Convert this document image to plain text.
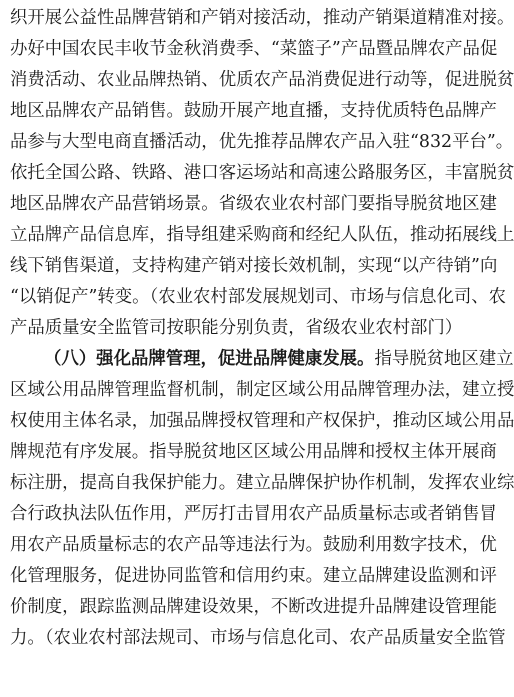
织开展公益性品牌营销和产销对接活动，推动产销渠道精准对接。
办好中国农民丰收节金秋消费季、“菜篮子”产品暨品牌农产品促
消费活动、农业品牌热销、优质农产品消费促进行动等，促进脱贫
地区品牌农产品销售。鼓励开展产地直播，支持优质特色品牌产
品参与大型电商直播活动，优先推荐品牌农产品入驻“832平台”。
依托全国公路、铁路、港口客运场站和高速公路服务区，丰富脱贫
地区品牌农产品营销场景。省级农业农村部门要指导脱贫地区建
立品牌产品信息库，指导组建采购商和经纪人队伍，推动拓展线上
线下销售渠道，支持构建产销对接长效机制，实现“以产待销”向
“以销促产”转变。（农业农村部发展规划司、市场与信息化司、农
产品质量安全监管司按职能分别负责，省级农业农村部门）
（八）强化品牌管理，促进品牌健康发展。指导脱贫地区建立
区域公用品牌管理监督机制，制定区域公用品牌管理办法，建立授
权使用主体名录，加强品牌授权管理和产权保护，推动区域公用品
牌规范有序发展。指导脱贫地区区域公用品牌和授权主体开展商
标注册，提高自我保护能力。建立品牌保护协作机制，发挥农业综
合行政执法队伍作用，严厉打击冒用农产品质量标志或者销售冒
用农产品质量标志的农产品等违法行为。鼓励利用数字技术，优
化管理服务，促进协同监管和信用约束。建立品牌建设监测和评
价制度，跟踪监测品牌建设效果，不断改进提升品牌建设管理能
力。（农业农村部法规司、市场与信息化司、农产品质量安全监管
